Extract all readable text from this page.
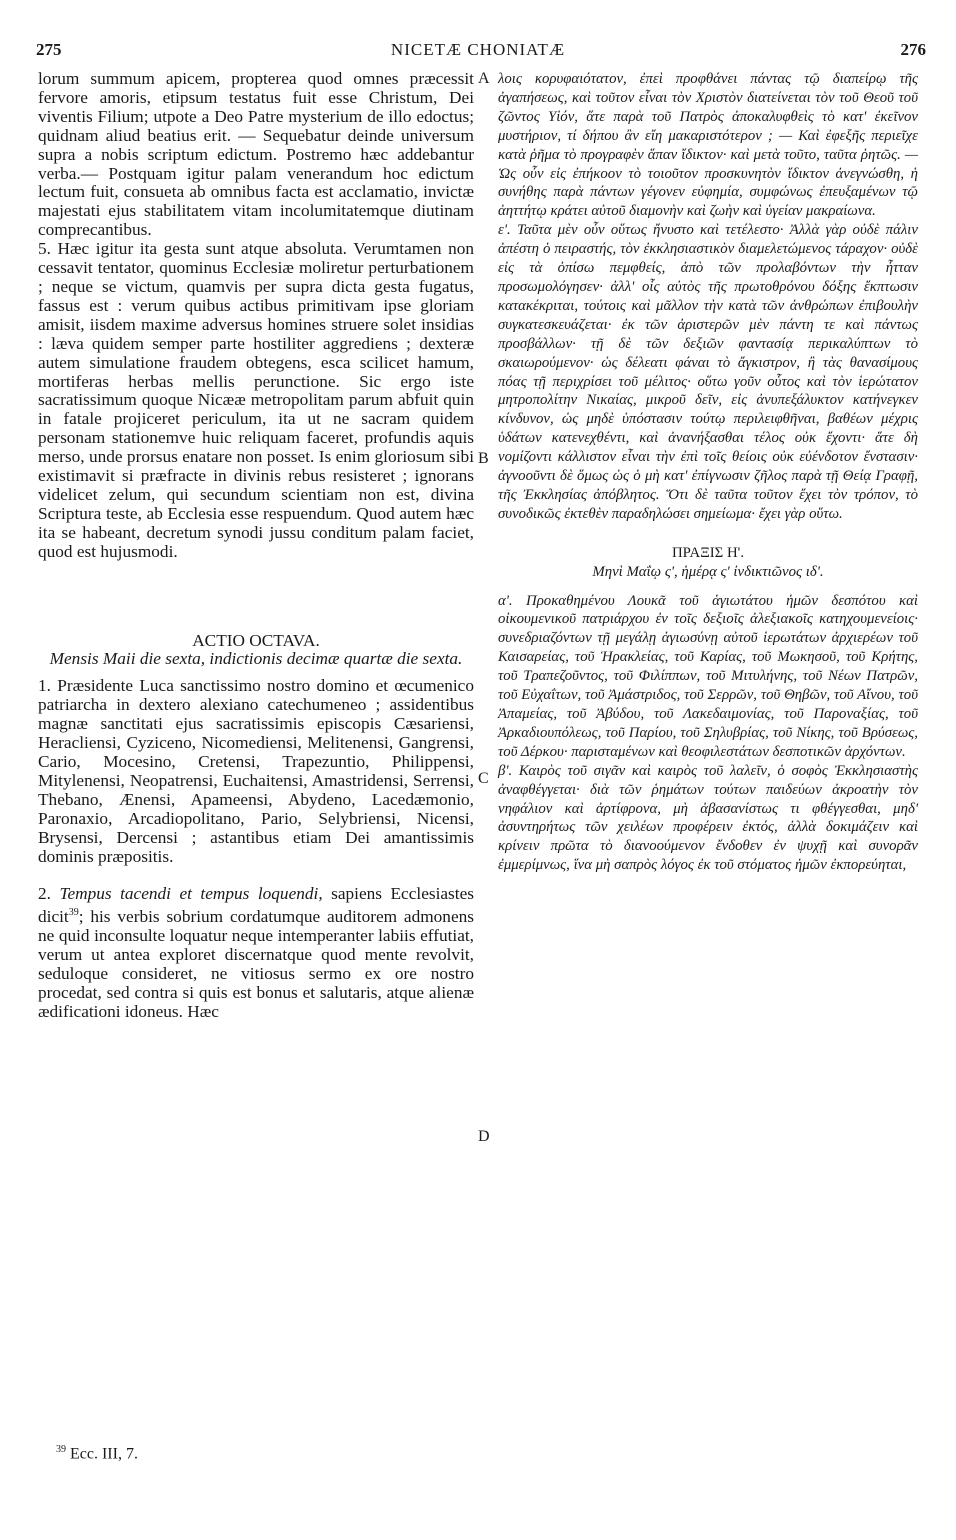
275	NICETÆ CHONIATÆ	276

lorum summum apicem, propterea quod omnes præcessit fervore amoris, etipsum testatus fuit esse Christum, Dei viventis Filium; utpote a Deo Patre mysterium de illo edoctus; quidnam aliud beatius erit. — Sequebatur deinde universum supra a nobis scriptum edictum. Postremo hæc addebantur verba.— Postquam igitur palam venerandum hoc edictum lectum fuit, consueta ab omnibus facta est acclamatio, invictæ majestati ejus stabilitatem vitam incolumitatemque diutinam comprecantibus.

5. Hæc igitur ita gesta sunt atque absoluta. Verumtamen non cessavit tentator, quominus Ecclesiæ moliretur perturbationem ; neque se victum, quamvis per supra dicta gesta fugatus, fassus est : verum quibus actibus primitivam ipse gloriam amisit, iisdem maxime adversus homines struere solet insidias : læva quidem semper parte hostiliter aggrediens ; dexteræ autem simulatione fraudem obtegens, esca scilicet hamum, mortiferas herbas mellis perunctione. Sic ergo iste sacratissimum quoque Nicææ metropolitam parum abfuit quin in fatale projiceret periculum, ita ut ne sacram quidem personam stationemve huic reliquam faceret, profundis aquis merso, unde prorsus enatare non posset. Is enim gloriosum sibi existimavit si præfracte in divinis rebus resisteret ; ignorans videlicet zelum, qui secundum scientiam non est, divina Scriptura teste, ab Ecclesia esse respuendum. Quod autem hæc ita se habeant, decretum synodi jussu conditum palam faciet, quod est hujusmodi.

ACTIO OCTAVA.

Mensis Maii die sexta, indictionis decimæ quartæ die sexta.

1. Præsidente Luca sanctissimo nostro domino et œcumenico patriarcha in dextero alexiano catechumeneo ; assidentibus magnæ sanctitati ejus sacratissimis episcopis Cæsariensi, Heracliensi, Cyziceno, Nicomediensi, Melitenensi, Gangrensi, Cario, Mocesino, Cretensi, Trapezuntio, Philippensi, Mitylenensi, Neopatrensi, Euchaitensi, Amastridensi, Serrensi, Thebano, Ænensi, Apameensi, Abydeno, Lacedæmonio, Paronaxio, Arcadiopolitano, Pario, Selybriensi, Nicensi, Brysensi, Dercensi ; astantibus etiam Dei amantissimis dominis præpositis.

2. Tempus tacendi et tempus loquendi, sapiens Ecclesiastes dicit$^{39}$; his verbis sobrium cordatumque auditorem admonens ne quid inconsulte loquatur neque intemperanter labiis effutiat, verum ut antea exploret discernatque quod mente revolvit, seduloque consideret, ne vitiosus sermo ex ore nostro procedat, sed contra si quis est bonus et salutaris, atque alienæ ædificationi idoneus. Hæc

A
B
C
D

λοις κορυφαιότατον, ἐπεὶ προφθάνει πάντας τῷ διαπείρῳ τῆς ἀγαπήσεως, καὶ τοῦτον εἶναι τὸν Χριστὸν διατείνεται τὸν τοῦ Θεοῦ τοῦ ζῶντος Υἱόν, ἅτε παρὰ τοῦ Πατρὸς ἀποκαλυφθεὶς τὸ κατ' ἐκεῖνον μυστήριον, τί δήπου ἂν εἴη μακαριστότερον ; — Καὶ ἐφεξῆς περιεῖχε κατὰ ῥῆμα τὸ προγραφὲν ἅπαν ἴδικτον· καὶ μετὰ τοῦτο, ταῦτα ῥητῶς. — Ὡς οὖν εἰς ἐπήκοον τὸ τοιοῦτον προσκυνητὸν ἴδικτον ἀνεγνώσθη, ἡ συνήθης παρὰ πάντων γέγονεν εὐφημία, συμφώνως ἐπευξαμένων τῷ ἀηττήτῳ κράτει αὐτοῦ διαμονὴν καὶ ζωὴν καὶ ὑγείαν μακραίωνα.

ε'. Ταῦτα μὲν οὖν οὕτως ἤνυστο καὶ τετέλεστο· Ἀλλὰ γὰρ οὐδὲ πάλιν ἀπέστη ὁ πειραστής, τὸν ἐκκλησιαστικὸν διαμελετώμενος τάραχον· οὐδὲ εἰς τὰ ὀπίσω πεμφθείς, ἀπὸ τῶν προλαβόντων τὴν ἧτταν προσωμολόγησεν· ἀλλ' οἷς αὐτὸς τῆς πρωτοθρόνου δόξης ἔκπτωσιν κατακέκριται, τούτοις καὶ μᾶλλον τὴν κατὰ τῶν ἀνθρώπων ἐπιβουλὴν συγκατεσκευάζεται· ἐκ τῶν ἀριστερῶν μὲν πάντη τε καὶ πάντως προσβάλλων· τῇ δὲ τῶν δεξιῶν φαντασίᾳ περικαλύπτων τὸ σκαιωρούμενον· ὡς δέλεατι φάναι τὸ ἄγκιστρον, ἢ τὰς θανασίμους πόας τῇ περιχρίσει τοῦ μέλιτος· οὕτω γοῦν οὗτος καὶ τὸν ἱερώτατον μητροπολίτην Νικαίας, μικροῦ δεῖν, εἰς ἀνυπεξάλυκτον κατήνεγκεν κίνδυνον, ὡς μηδὲ ὑπόστασιν τούτῳ περιλειφθῆναι, βαθέων μέχρις ὑδάτων κατενεχθέντι, καὶ ἀνανήξασθαι τέλος οὐκ ἔχοντι· ἅτε δὴ νομίζοντι κάλλιστον εἶναι τὴν ἐπὶ τοῖς θείοις οὐκ εὐένδοτον ἔνστασιν· ἀγνοοῦντι δὲ ὅμως ὡς ὁ μὴ κατ' ἐπίγνωσιν ζῆλος παρὰ τῇ Θείᾳ Γραφῇ, τῆς Ἐκκλησίας ἀπόβλητος. Ὅτι δὲ ταῦτα τοῦτον ἔχει τὸν τρόπον, τὸ συνοδικῶς ἐκτεθὲν παραδηλώσει σημείωμα· ἔχει γὰρ οὕτω.

ΠΡΑΞΙΣ Η'.

Μηνὶ Μαΐῳ ς', ἡμέρᾳ ς' ἰνδικτιῶνος ιδ'.

α'. Προκαθημένου Λουκᾶ τοῦ ἁγιωτάτου ἡμῶν δεσπότου καὶ οἰκουμενικοῦ πατριάρχου ἐν τοῖς δεξιοῖς ἀλεξιακοῖς κατηχουμενείοις· συνεδριαζόντων τῇ μεγάλῃ ἁγιωσύνῃ αὐτοῦ ἱερωτάτων ἀρχιερέων τοῦ Καισαρείας, τοῦ Ἡρακλείας, τοῦ Καρίας, τοῦ Μωκησοῦ, τοῦ Κρήτης, τοῦ Τραπεζοῦντος, τοῦ Φιλίππων, τοῦ Μιτυλήνης, τοῦ Νέων Πατρῶν, τοῦ Εὐχαΐτων, τοῦ Ἀμάστριδος, τοῦ Σερρῶν, τοῦ Θηβῶν, τοῦ Αἴνου, τοῦ Ἀπαμείας, τοῦ Ἀβύδου, τοῦ Λακεδαιμονίας, τοῦ Παροναξίας, τοῦ Ἀρκαδιουπόλεως, τοῦ Παρίου, τοῦ Σηλυβρίας, τοῦ Νίκης, τοῦ Βρύσεως, τοῦ Δέρκου· παρισταμένων καὶ θεοφιλεστάτων δεσποτικῶν ἀρχόντων.

β'. Καιρὸς τοῦ σιγᾶν καὶ καιρὸς τοῦ λαλεῖν, ὁ σοφὸς Ἐκκλησιαστὴς ἀναφθέγγεται· διὰ τῶν ῥημάτων τούτων παιδεύων ἀκροατὴν τὸν νηφάλιον καὶ ἀρτίφρονα, μὴ ἀβασανίστως τι φθέγγεσθαι, μηδ' ἀσυντηρήτως τῶν χειλέων προφέρειν ἐκτός, ἀλλὰ δοκιμάζειν καὶ κρίνειν πρῶτα τὸ διανοούμενον ἔνδοθεν ἐν ψυχῇ καὶ συνορᾶν ἐμμερίμνως, ἵνα μὴ σαπρὸς λόγος ἐκ τοῦ στόματος ἡμῶν ἐκπορεύηται,

$^{39}$ Ecc. III, 7.
